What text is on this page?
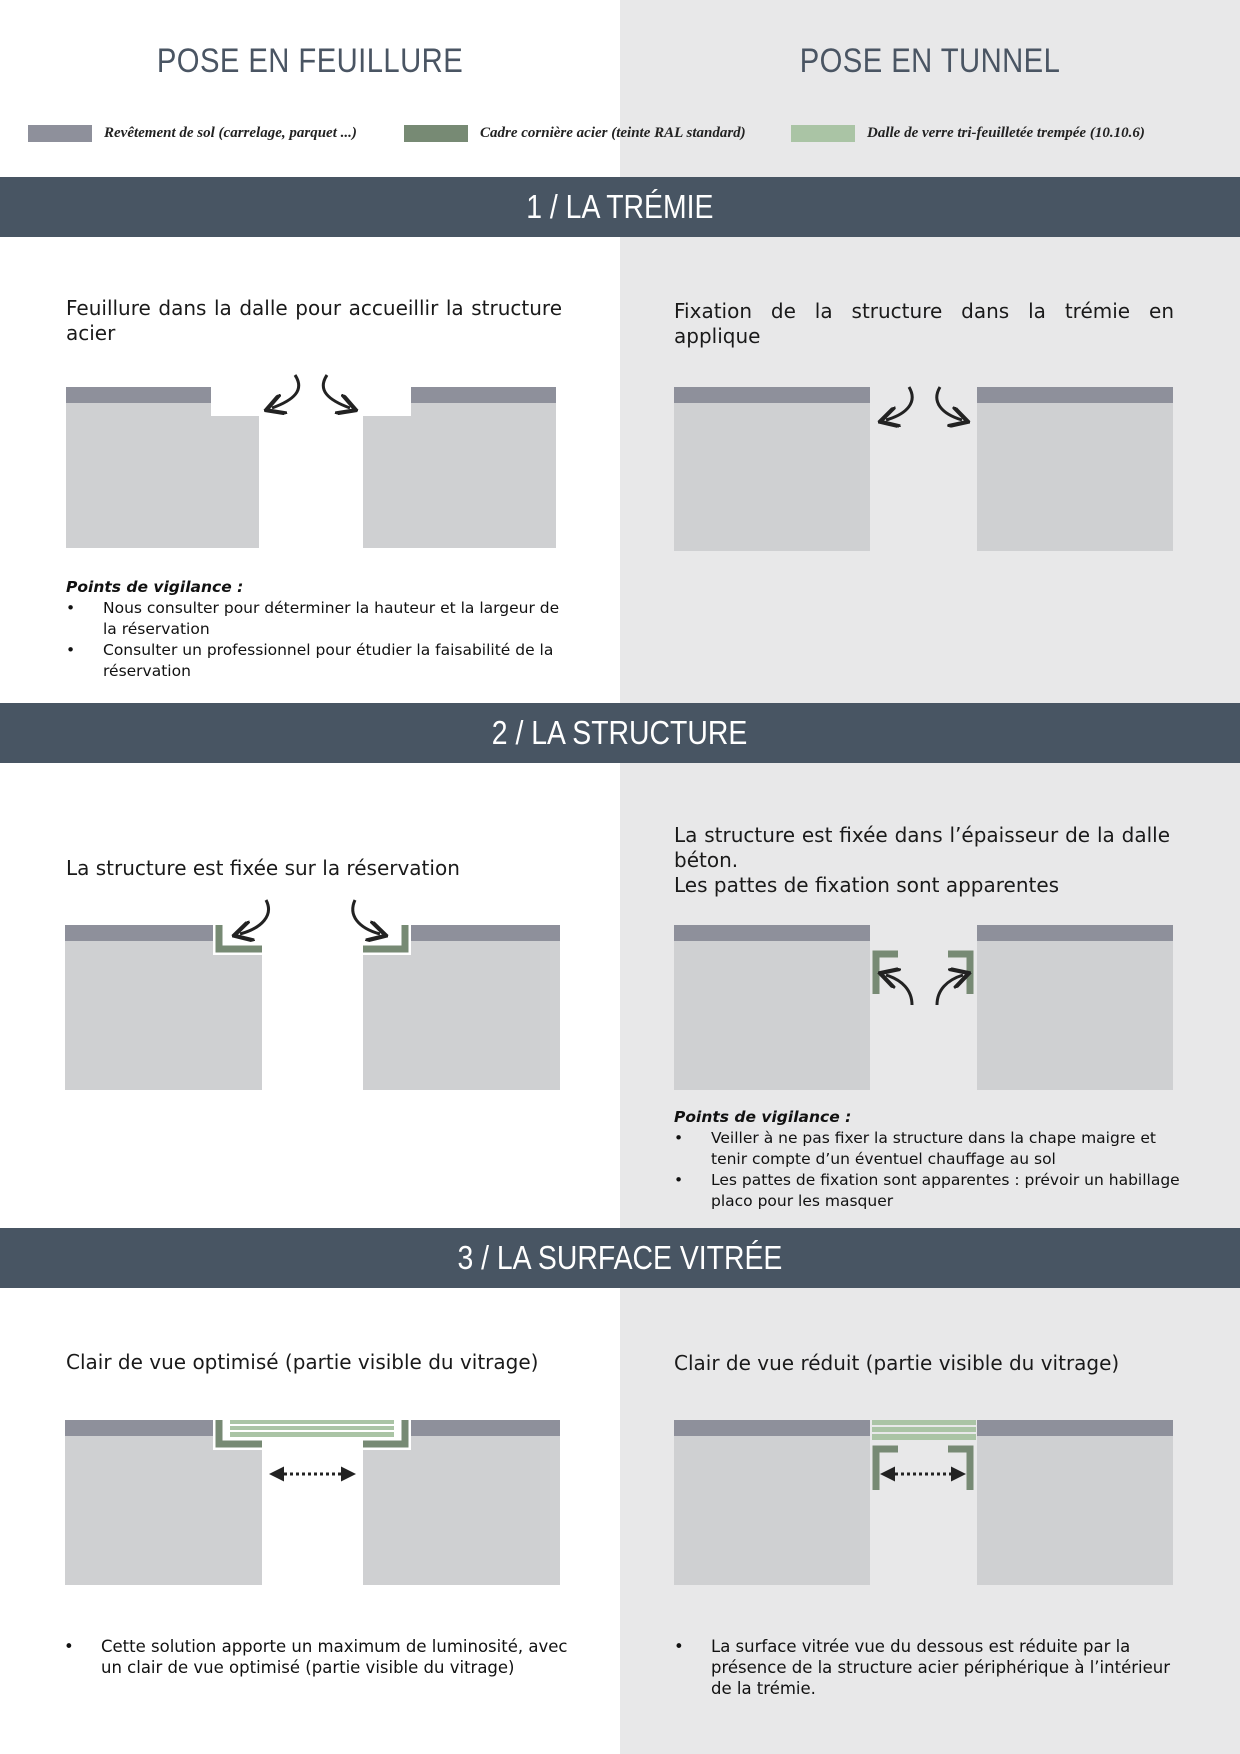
POSE EN FEUILLURE	POSE EN TUNNEL
Revêtement de sol (carrelage, parquet ...)	Cadre cornière acier (teinte RAL standard)	Dalle de verre tri-feuilletée trempée (10.10.6)
1 / LA TRÉMIE
2 / LA STRUCTURE
3 / LA SURFACE VITRÉE
Feuillure dans la dalle pour accueillir la structure acier
Fixation de la structure dans la trémie en applique
Points de vigilance :
• Nous consulter pour déterminer la hauteur et la largeur de la réservation
• Consulter un professionnel pour étudier la faisabilité de la réservation
La structure est fixée sur la réservation
La structure est fixée dans l’épaisseur de la dalle béton.
Les pattes de fixation sont apparentes
Points de vigilance :
• Veiller à ne pas fixer la structure dans la chape maigre et tenir compte d’un éventuel chauffage au sol
• Les pattes de fixation sont apparentes : prévoir un habillage placo pour les masquer
Clair de vue optimisé (partie visible du vitrage)	Clair de vue réduit (partie visible du vitrage)
• Cette solution apporte un maximum de luminosité, avec un clair de vue optimisé (partie visible du vitrage)
• La surface vitrée vue du dessous est réduite par la présence de la structure acier périphérique à l’intérieur de la trémie.
